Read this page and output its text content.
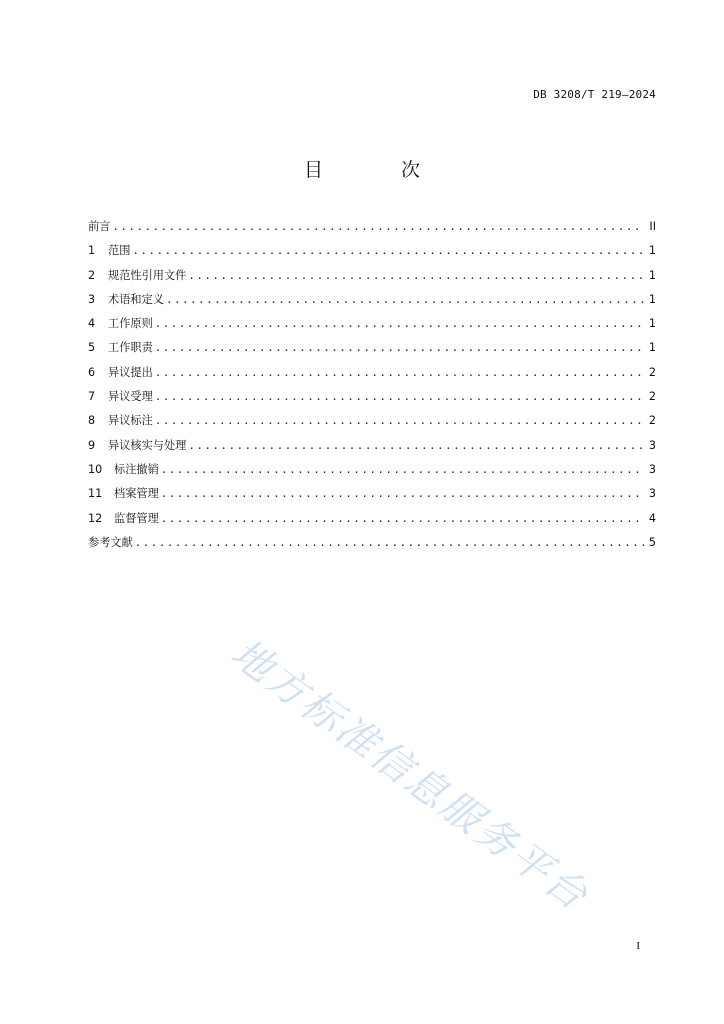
DB 3208/T 219—2024
目 次
前言 .....	II
1	范围 .....	1
2	规范性引用文件 .....	1
3	术语和定义 .....	1
4	工作原则 .....	1
5	工作职责 .....	1
6	异议提出 .....	2
7	异议受理 .....	2
8	异议标注 .....	2
9	异议核实与处理 .....	3
10	标注撤销 .....	3
11	档案管理 .....	3
12	监督管理 .....	4
参考文献 .....	5
地方标准信息服务平台
I
